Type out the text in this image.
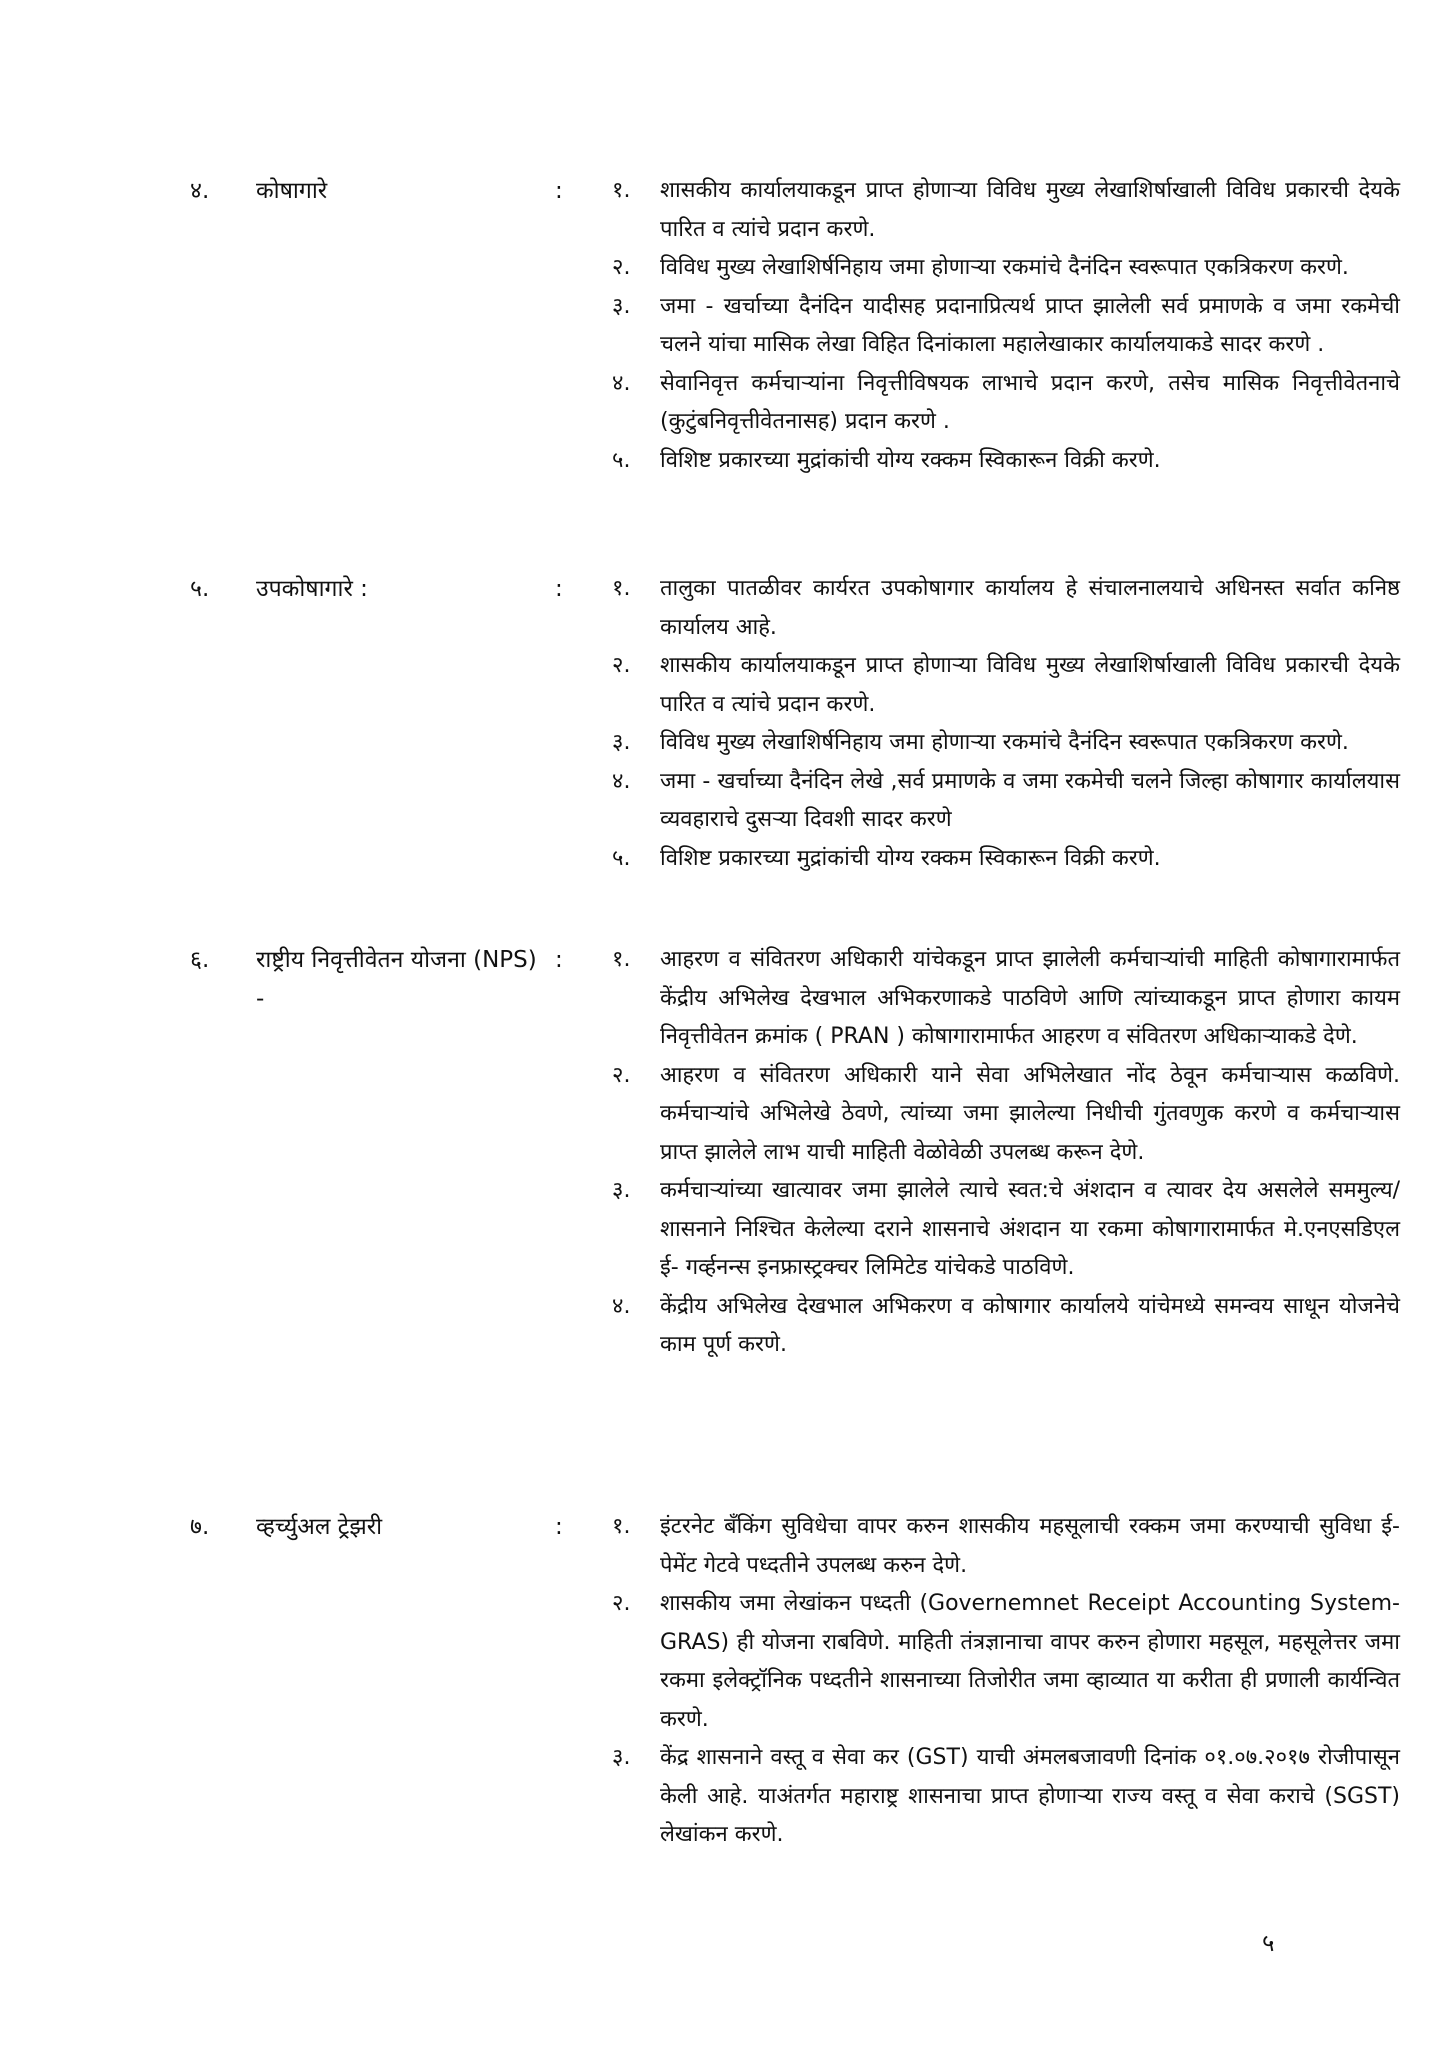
४. कोषागारे	: १. शासकीय कार्यालयाकडून प्राप्त होणाऱ्या विविध मुख्य लेखाशिर्षाखाली विविध प्रकारची देयके पारित व त्यांचे प्रदान करणे.

२. विविध मुख्य लेखाशिर्षनिहाय जमा होणाऱ्या रकमांचे दैनंदिन स्वरूपात एकत्रिकरण करणे.

३. जमा - खर्चाच्या दैनंदिन यादीसह प्रदानाप्रित्यर्थ प्राप्त झालेली सर्व प्रमाणके व जमा रकमेची चलने यांचा मासिक लेखा विहित दिनांकाला महालेखाकार कार्यालयाकडे सादर करणे .

४. सेवानिवृत्त कर्मचाऱ्यांना निवृत्तीविषयक लाभाचे प्रदान करणे, तसेच मासिक निवृत्तीवेतनाचे (कुटुंबनिवृत्तीवेतनासह) प्रदान करणे .

५. विशिष्ट प्रकारच्या मुद्रांकांची योग्य रक्कम स्विकारून विक्री करणे.

५. उपकोषागारे :	: १. तालुका पातळीवर कार्यरत उपकोषागार कार्यालय हे संचालनालयाचे अधिनस्त सर्वात कनिष्ठ कार्यालय आहे.

२. शासकीय कार्यालयाकडून प्राप्त होणाऱ्या विविध मुख्य लेखाशिर्षाखाली विविध प्रकारची देयके पारित व त्यांचे प्रदान करणे.

३. विविध मुख्य लेखाशिर्षनिहाय जमा होणाऱ्या रकमांचे दैनंदिन स्वरूपात एकत्रिकरण करणे.

४. जमा - खर्चाच्या दैनंदिन लेखे ,सर्व प्रमाणके व जमा रकमेची चलने जिल्हा कोषागार कार्यालयास व्यवहाराचे दुसऱ्या दिवशी सादर करणे

५. विशिष्ट प्रकारच्या मुद्रांकांची योग्य रक्कम स्विकारून विक्री करणे.

६. राष्ट्रीय निवृत्तीवेतन योजना (NPS) -
: १. आहरण व संवितरण अधिकारी यांचेकडून प्राप्त झालेली कर्मचाऱ्यांची माहिती कोषागारामार्फत केंद्रीय अभिलेख देखभाल अभिकरणाकडे पाठविणे आणि त्यांच्याकडून प्राप्त होणारा कायम निवृत्तीवेतन क्रमांक ( PRAN ) कोषागारामार्फत आहरण व संवितरण अधिकाऱ्याकडे देणे.

२. आहरण व संवितरण अधिकारी याने सेवा अभिलेखात नोंद ठेवून कर्मचाऱ्यास कळविणे. कर्मचाऱ्यांचे अभिलेखे ठेवणे, त्यांच्या जमा झालेल्या निधीची गुंतवणुक करणे व कर्मचाऱ्यास प्राप्त झालेले लाभ याची माहिती वेळोवेळी उपलब्ध करून देणे.

३. कर्मचाऱ्यांच्या खात्यावर जमा झालेले त्याचे स्वत:चे अंशदान व त्यावर देय असलेले सममुल्य/शासनाने निश्चित केलेल्या दराने शासनाचे अंशदान या रकमा कोषागारामार्फत मे.एनएसडिएल ई- गर्व्हनन्स इनफ्रास्ट्रक्चर लिमिटेड यांचेकडे पाठविणे.

४. केंद्रीय अभिलेख देखभाल अभिकरण व कोषागार कार्यालये यांचेमध्ये समन्वय साधून योजनेचे काम पूर्ण करणे.

७. व्हर्च्युअल ट्रेझरी	: १. इंटरनेट बँकिंग सुविधेचा वापर करुन शासकीय महसूलाची रक्कम जमा करण्याची सुविधा ई-पेमेंट गेटवे पध्दतीने उपलब्ध करुन देणे.

२. शासकीय जमा लेखांकन पध्दती (Governemnet Receipt Accounting System-GRAS) ही योजना राबविणे. माहिती तंत्रज्ञानाचा वापर करुन होणारा महसूल, महसूलेत्तर जमा रकमा इलेक्ट्रॉनिक पध्दतीने शासनाच्या तिजोरीत जमा व्हाव्यात या करीता ही प्रणाली कार्यन्वित करणे.

३. केंद्र शासनाने वस्तू व सेवा कर (GST) याची अंमलबजावणी दिनांक ०१.०७.२०१७ रोजीपासून केली आहे. याअंतर्गत महाराष्ट्र शासनाचा प्राप्त होणाऱ्या राज्य वस्तू व सेवा कराचे (SGST) लेखांकन करणे.

५
